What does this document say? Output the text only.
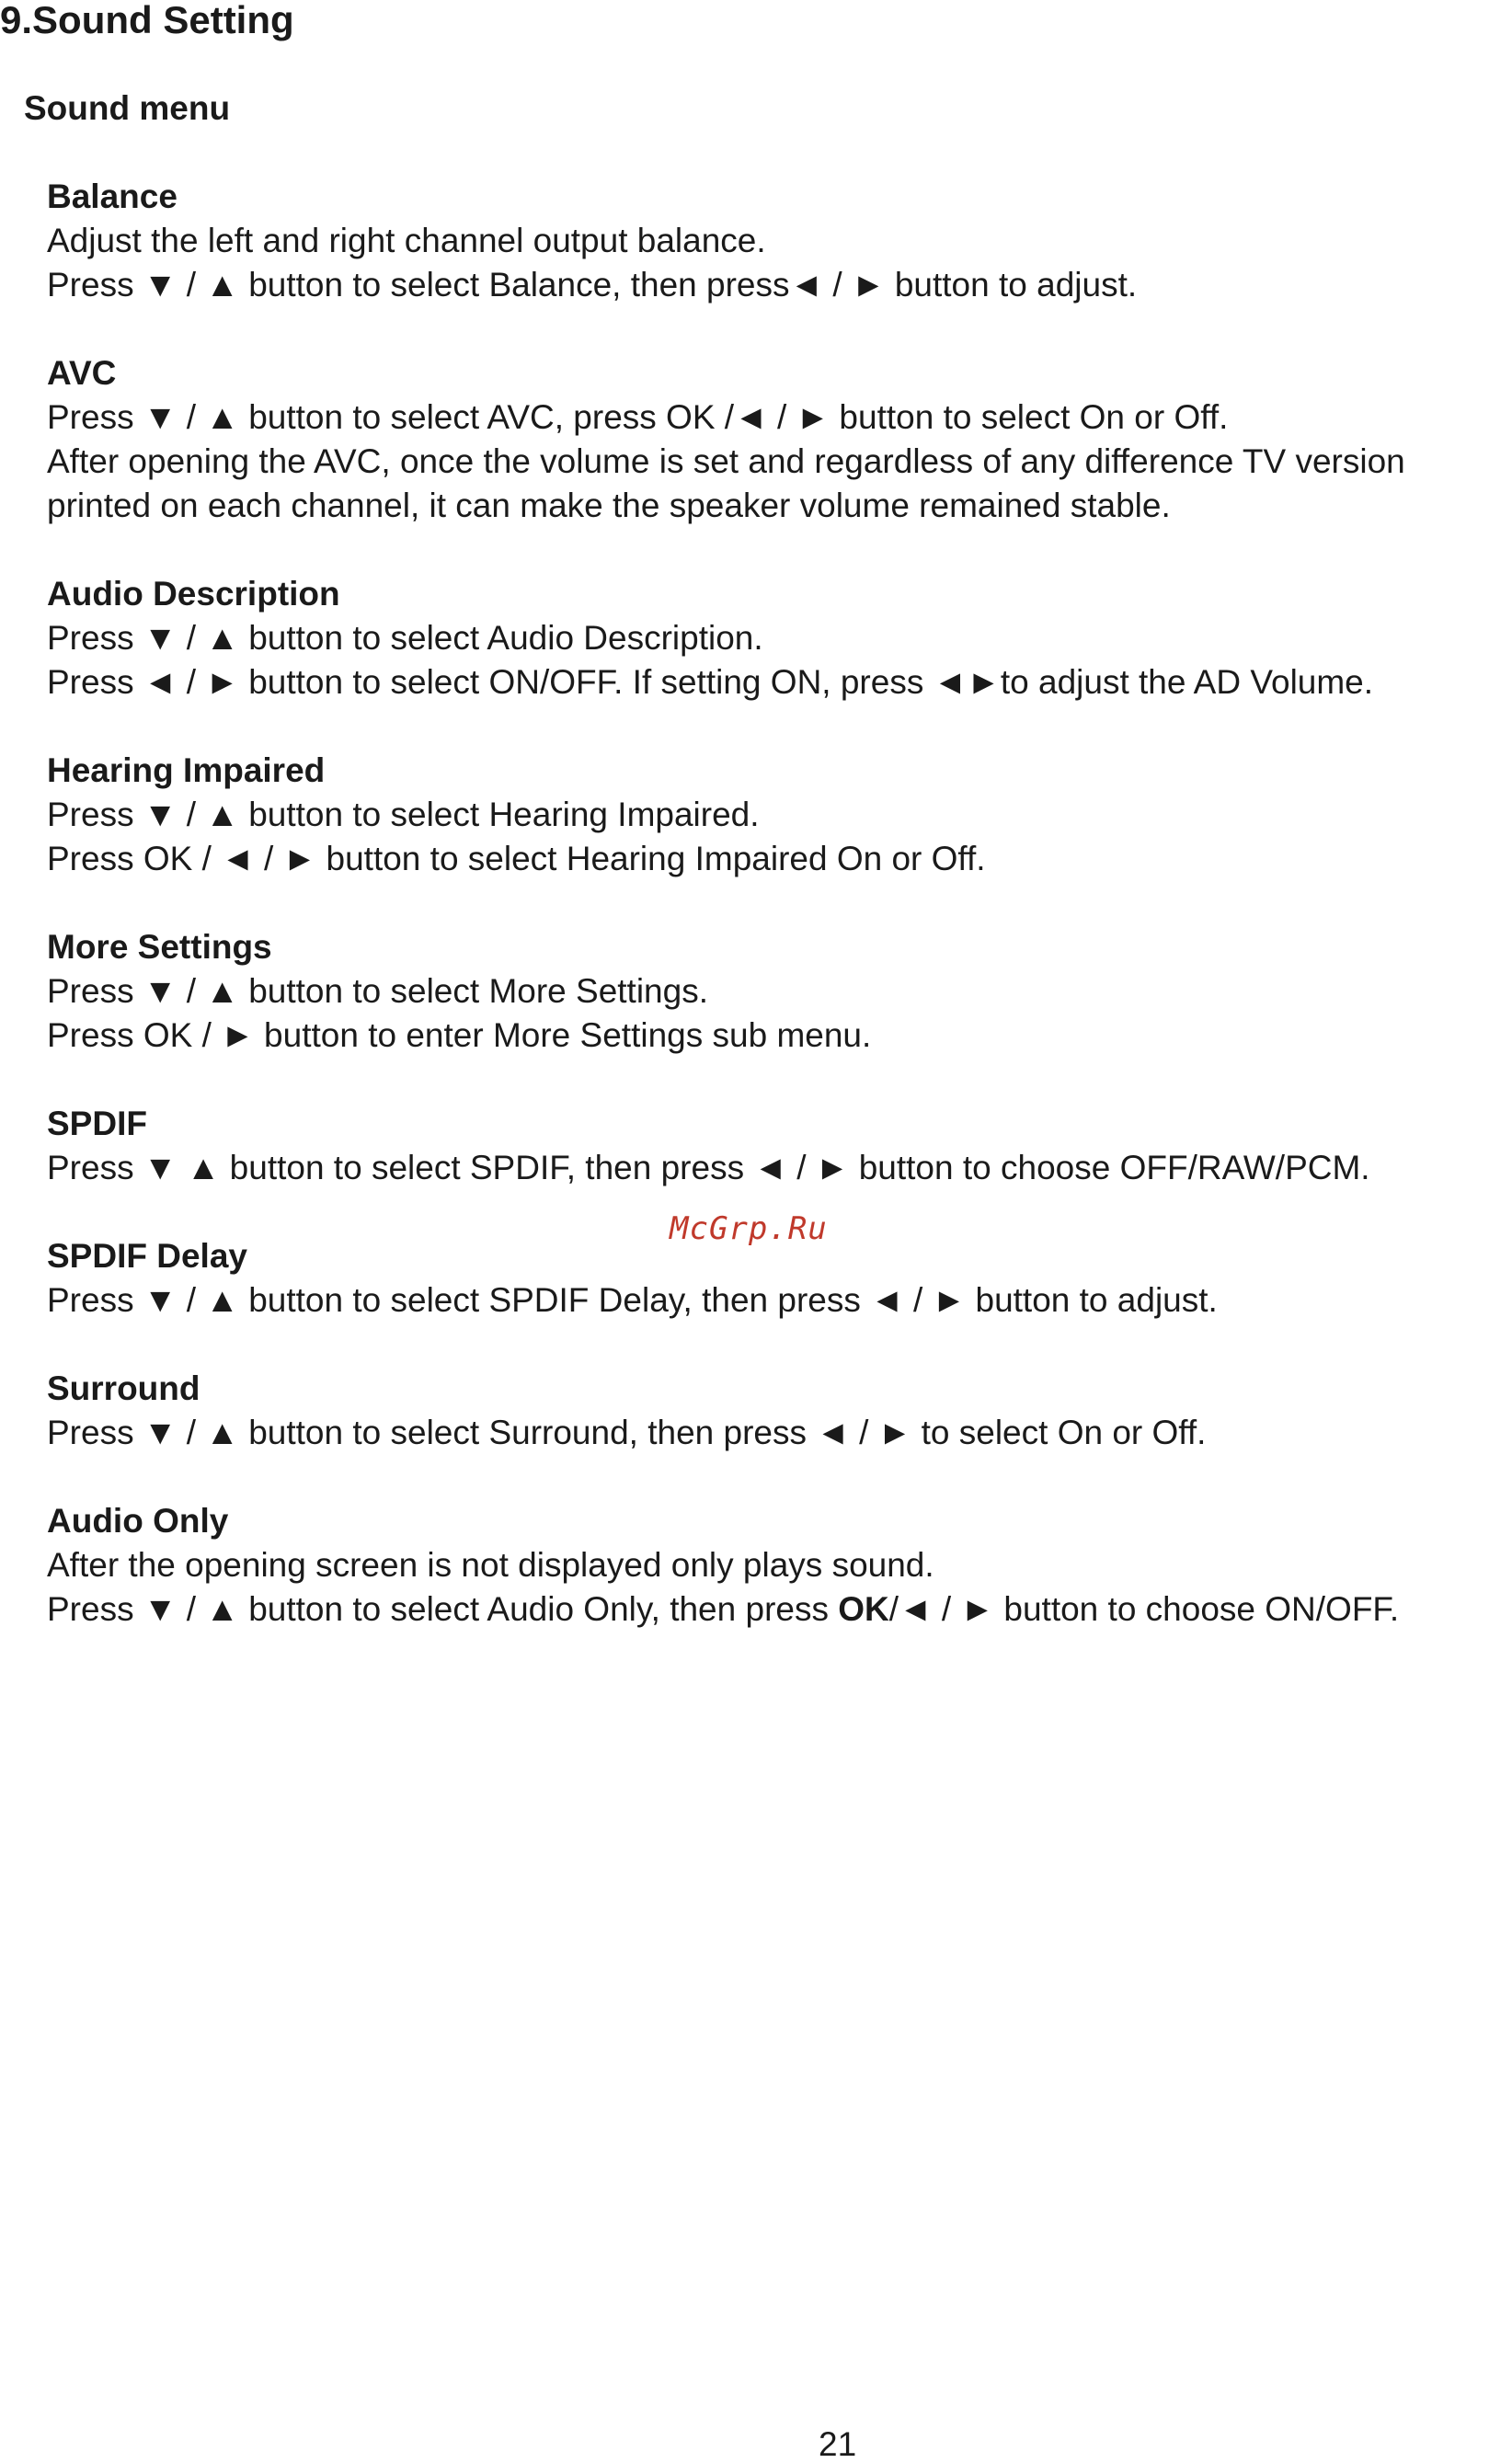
9.Sound Setting
Sound menu
Balance
Adjust the left and right channel output balance.
Press ▼ / ▲ button to select Balance, then press◄ / ► button to adjust.
AVC
Press ▼ / ▲ button to select AVC, press OK /◄ / ► button to select On or Off.
After opening the AVC, once the volume is set and regardless of any difference TV version
printed on each channel, it can make the speaker volume remained stable.
Audio Description
Press ▼ / ▲ button to select Audio Description.
Press ◄ / ► button to select ON/OFF. If setting ON, press ◄►to adjust the AD Volume.
Hearing Impaired
Press ▼ / ▲ button to select Hearing Impaired.
Press OK / ◄ / ► button to select Hearing Impaired On or Off.
More Settings
Press ▼ / ▲ button to select More Settings.
Press OK / ► button to enter More Settings sub menu.
SPDIF
Press ▼ ▲ button to select SPDIF, then press ◄ / ► button to choose OFF/RAW/PCM.
SPDIF Delay
Press ▼ / ▲ button to select SPDIF Delay, then press ◄ / ► button to adjust.
Surround
Press ▼ / ▲ button to select Surround, then press ◄ / ► to select On or Off.
Audio Only
After the opening screen is not displayed only plays sound.
Press ▼ / ▲ button to select Audio Only, then press OK/◄ / ► button to choose ON/OFF.
McGrp.Ru
21
